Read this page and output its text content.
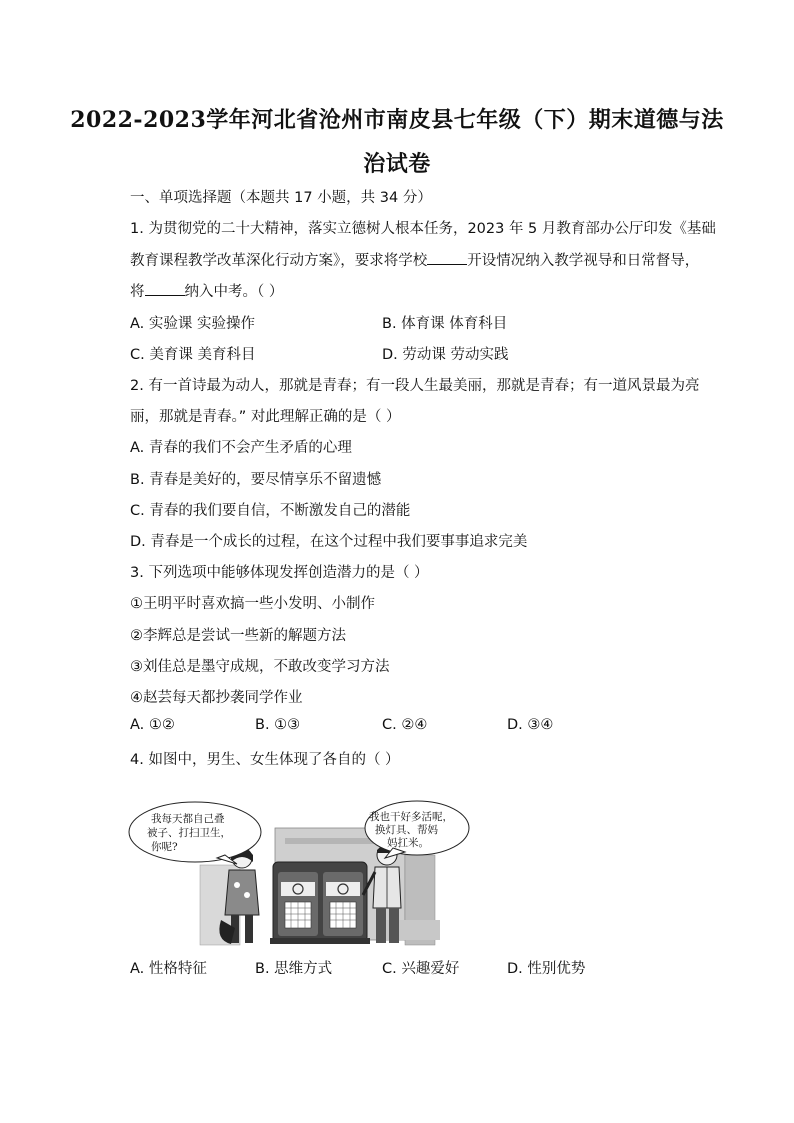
2022-2023学年河北省沧州市南皮县七年级（下）期末道德与法
治试卷
一、单项选择题（本题共 17 小题，共 34 分）
1. 为贯彻党的二十大精神，落实立德树人根本任务，2023 年 5 月教育部办公厅印发《基础
教育课程教学改革深化行动方案》，要求将学校	开设情况纳入教学视导和日常督导，
将	纳入中考。（ ）
A. 实验课 实验操作	B. 体育课 体育科目
C. 美育课 美育科目	D. 劳动课 劳动实践
2. 有一首诗最为动人，那就是青春；有一段人生最美丽，那就是青春；有一道风景最为亮
丽，那就是青春。” 对此理解正确的是（ ）
A. 青春的我们不会产生矛盾的心理
B. 青春是美好的，要尽情享乐不留遗憾
C. 青春的我们要自信，不断激发自己的潜能
D. 青春是一个成长的过程，在这个过程中我们要事事追求完美
3. 下列选项中能够体现发挥创造潜力的是（ ）
①王明平时喜欢搞一些小发明、小制作
②李辉总是尝试一些新的解题方法
③刘佳总是墨守成规，不敢改变学习方法
④赵芸每天都抄袭同学作业
A. ①②	B. ①③	C. ②④	D. ③④
4. 如图中，男生、女生体现了各自的（ ）
我每天都自己叠
被子、打扫卫生，
你呢?
我也干好多活呢，
换灯具、帮妈
妈扛米。
A. 性格特征	B. 思维方式	C. 兴趣爱好	D. 性别优势
